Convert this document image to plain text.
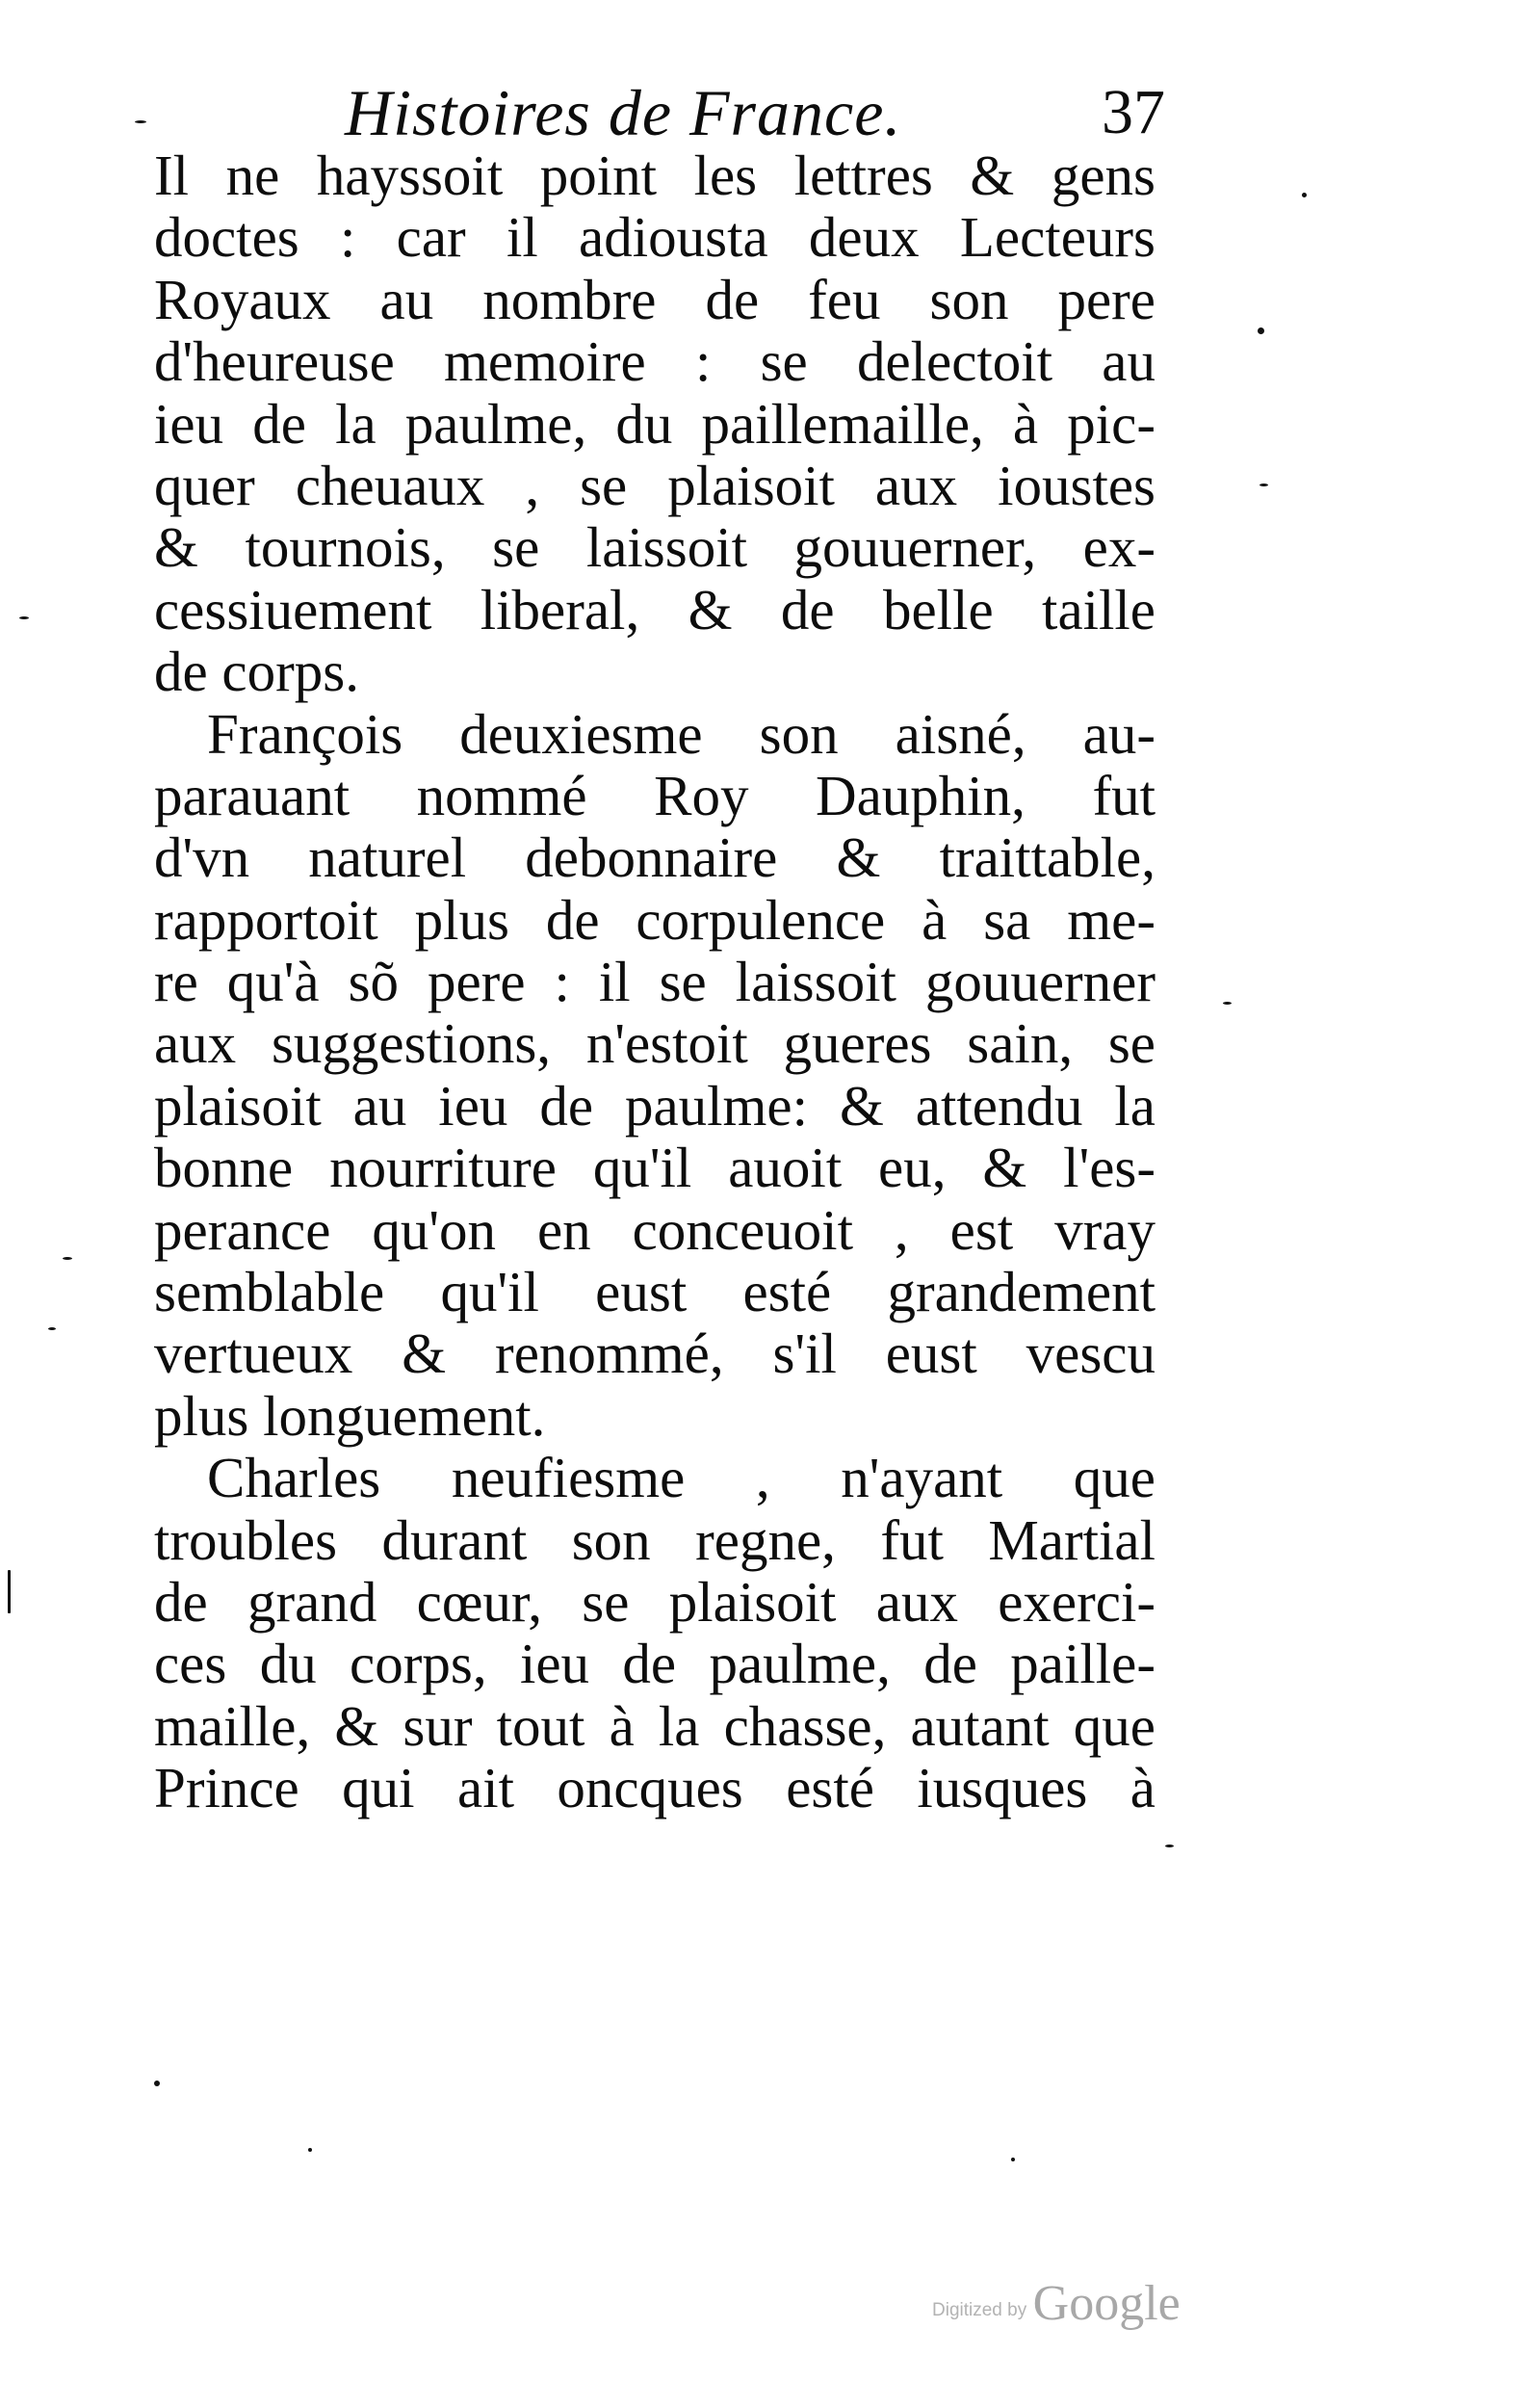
Histoires de France.	37
Il ne hayssoit point les lettres & gens
doctes : car il adiousta deux Lecteurs
Royaux au nombre de feu son pere
d'heureuse memoire : se delectoit au
ieu de la paulme, du paillemaille, à pic-
quer cheuaux , se plaisoit aux ioustes
& tournois, se laissoit gouuerner, ex-
cessiuement liberal, & de belle taille
de corps.
François deuxiesme son aisné, au-
parauant nommé Roy Dauphin, fut
d'vn naturel debonnaire & traittable,
rapportoit plus de corpulence à sa me-
re qu'à sõ pere : il se laissoit gouuerner
aux suggestions, n'estoit gueres sain, se
plaisoit au ieu de paulme: & attendu la
bonne nourriture qu'il auoit eu, & l'es-
perance qu'on en conceuoit , est vray
semblable qu'il eust esté grandement
vertueux & renommé, s'il eust vescu
plus longuement.
Charles neufiesme , n'ayant que
troubles durant son regne, fut Martial
de grand cœur, se plaisoit aux exerci-
ces du corps, ieu de paulme, de paille-
maille, & sur tout à la chasse, autant que
Prince qui ait oncques esté iusques à
Digitized by Google
